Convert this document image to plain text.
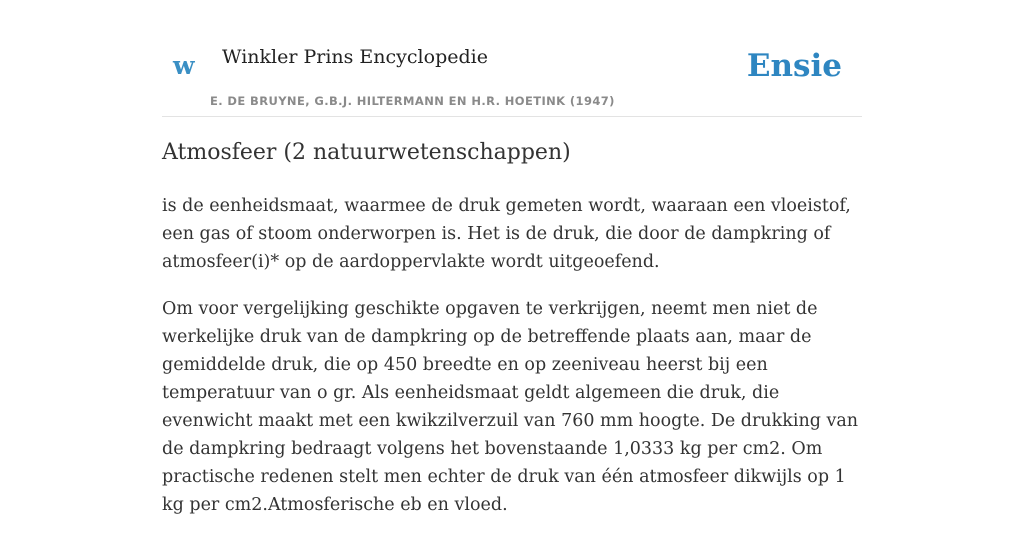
w Winkler Prins Encyclopedie
E. DE BRUYNE, G.B.J. HILTERMANN EN H.R. HOETINK (1947)
Ensie
Atmosfeer (2 natuurwetenschappen)

is de eenheidsmaat, waarmee de druk gemeten wordt, waaraan een vloeistof, een gas of stoom onderworpen is. Het is de druk, die door de dampkring of atmosfeer(i)* op de aardoppervlakte wordt uitgeoefend.

Om voor vergelijking geschikte opgaven te verkrijgen, neemt men niet de werkelijke druk van de dampkring op de betreffende plaats aan, maar de gemiddelde druk, die op 450 breedte en op zeeniveau heerst bij een temperatuur van o gr. Als eenheidsmaat geldt algemeen die druk, die evenwicht maakt met een kwikzilverzuil van 760 mm hoogte. De drukking van de dampkring bedraagt volgens het bovenstaande 1,0333 kg per cm2. Om practische redenen stelt men echter de druk van één atmosfeer dikwijls op 1 kg per cm2.Atmosferische eb en vloed.
